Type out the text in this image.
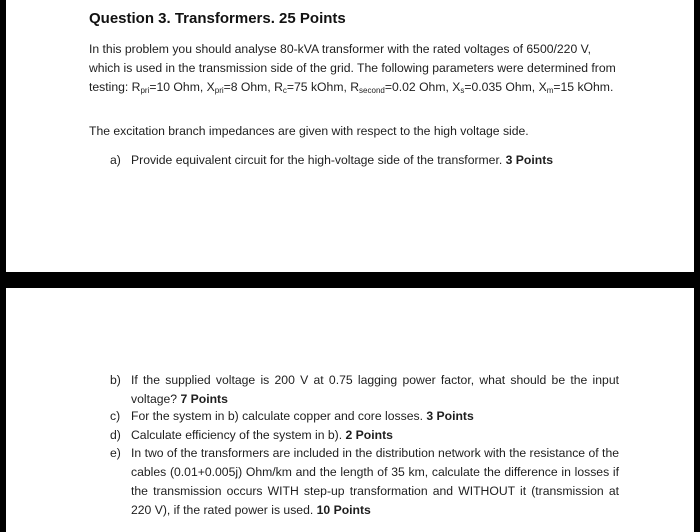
Question 3. Transformers. 25 Points

In this problem you should analyse 80-kVA transformer with the rated voltages of 6500/220 V, which is used in the transmission side of the grid. The following parameters were determined from testing: $R_{pri}=10$ Ohm, $X_{pri}=8$ Ohm, $R_c=75$ kOhm, $R_{second}=0.02$ Ohm, $X_s=0.035$ Ohm, $X_m=15$ kOhm.

The excitation branch impedances are given with respect to the high voltage side.

a) Provide equivalent circuit for the high-voltage side of the transformer. 3 Points
b) If the supplied voltage is 200 V at 0.75 lagging power factor, what should be the input voltage? 7 Points
c) For the system in b) calculate copper and core losses. 3 Points
d) Calculate efficiency of the system in b). 2 Points
e) In two of the transformers are included in the distribution network with the resistance of the cables (0.01+0.005j) Ohm/km and the length of 35 km, calculate the difference in losses if the transmission occurs WITH step-up transformation and WITHOUT it (transmission at 220 V), if the rated power is used. 10 Points
